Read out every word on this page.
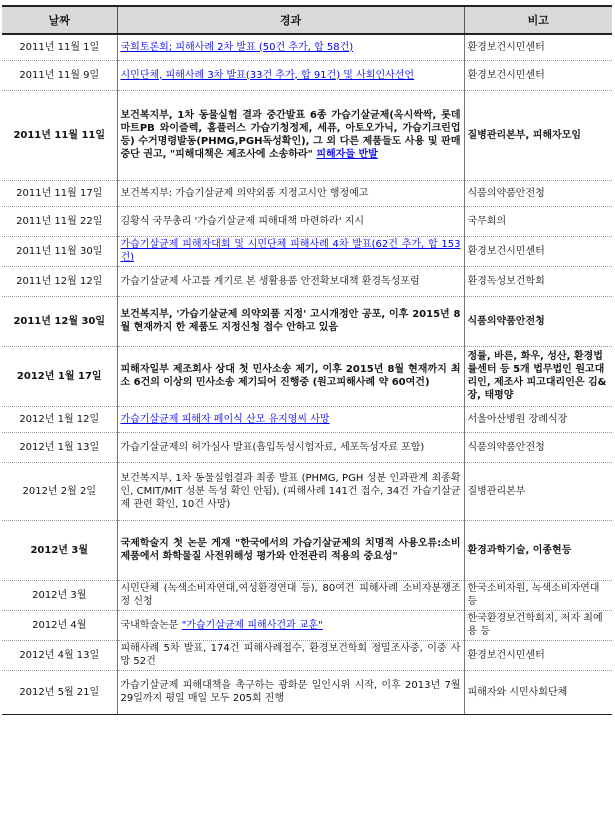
날짜	경과	비고
2011년 11월 1일	국회토론회; 피해사례 2차 발표 (50건 추가, 합 58건)	환경보건시민센터
2011년 11월 9일	시민단체, 피해사례 3차 발표(33건 추가, 합 91건) 및 사회인사선언	환경보건시민센터
2011년 11월 11일	보건복지부, 1차 동물실험 결과 중간발표 6종 가습기살균제(옥시싹싹, 롯데마트PB 와이즐렉, 홈플러스 가습기청정제, 세퓨, 아토오가닉, 가습기크린업 등) 수거명령발동(PHMG,PGH독성확인), 그 외 다른 제품들도 사용 및 판매중단 권고, "피해대책은 제조사에 소송하라" 피해자들 반발	질병관리본부, 피해자모임
2011년 11월 17일	보건복지부: 가습기살균제 의약외품 지정고시안 행정예고	식품의약품안전청
2011년 11월 22일	김황식 국무총리 '가습기살균제 피해대책 마련하라' 지시	국무회의
2011년 11월 30일	가습기살균제 피해자대회 및 시민단체 피해사례 4차 발표(62건 추가, 합 153건)	환경보건시민센터
2011년 12월 12일	가습기살균제 사고를 계기로 본 생활용품 안전확보대책 환경독성포럼	환경독성보건학회
2011년 12월 30일	보건복지부, '가습기살균제 의약외품 지정' 고시개정안 공포, 이후 2015년 8월 현재까지 한 제품도 지정신청 접수 안하고 있음	식품의약품안전청
2012년 1월 17일	피해자일부 제조회사 상대 첫 민사소송 제기, 이후 2015년 8월 현재까지 최소 6건의 이상의 민사소송 제기되어 진행중 (원고피해사례 약 60여건)	정률, 바른, 화우, 성산, 환경법률센터 등 5개 법무법인 원고대리인, 제조사 피고대리인은 김&장, 태평양
2012년 1월 12일	가습기살균제 피해자 페이식 산모 유지영씨 사망	서울아산병원 장례식장
2012년 1월 13일	가습기살균제의 허가심사 발표(흡입독성시험자료, 세포독성자료 포함)	식품의약품안전청
2012년 2월 2일	보건복지부, 1차 동물실험결과 최종 발표 (PHMG, PGH 성분 인과관계 최종확인, CMIT/MIT 성분 독성 확인 안됨), (피해사례 141건 접수, 34건 가습기살균제 관련 확인, 10건 사망)	질병관리본부
2012년 3월	국제학술지 첫 논문 게재 "한국에서의 가습기살균제의 치명적 사용오류:소비제품에서 화학물질 사전위해성 평가와 안전관리 적용의 중요성"	환경과학기술, 이종현등
2012년 3월	시민단체 (녹색소비자연대,여성환경연대 등), 80여건 피해사례 소비자분쟁조정 신청	한국소비자원, 녹색소비자연대 등
2012년 4월	국내학술논문 "가습기살균제 피해사건과 교훈"	한국환경보건학회지, 저자 최예용 등
2012년 4월 13일	피해사례 5차 발표, 174건 피해사례접수, 환경보건학회 정밀조사중, 이중 사망 52건	환경보건시민센터
2012년 5월 21일	가습기살균제 피해대책을 촉구하는 광화문 일인시위 시작, 이후 2013년 7월 29일까지 평일 매일 모두 205회 진행	피해자와 시민사회단체
